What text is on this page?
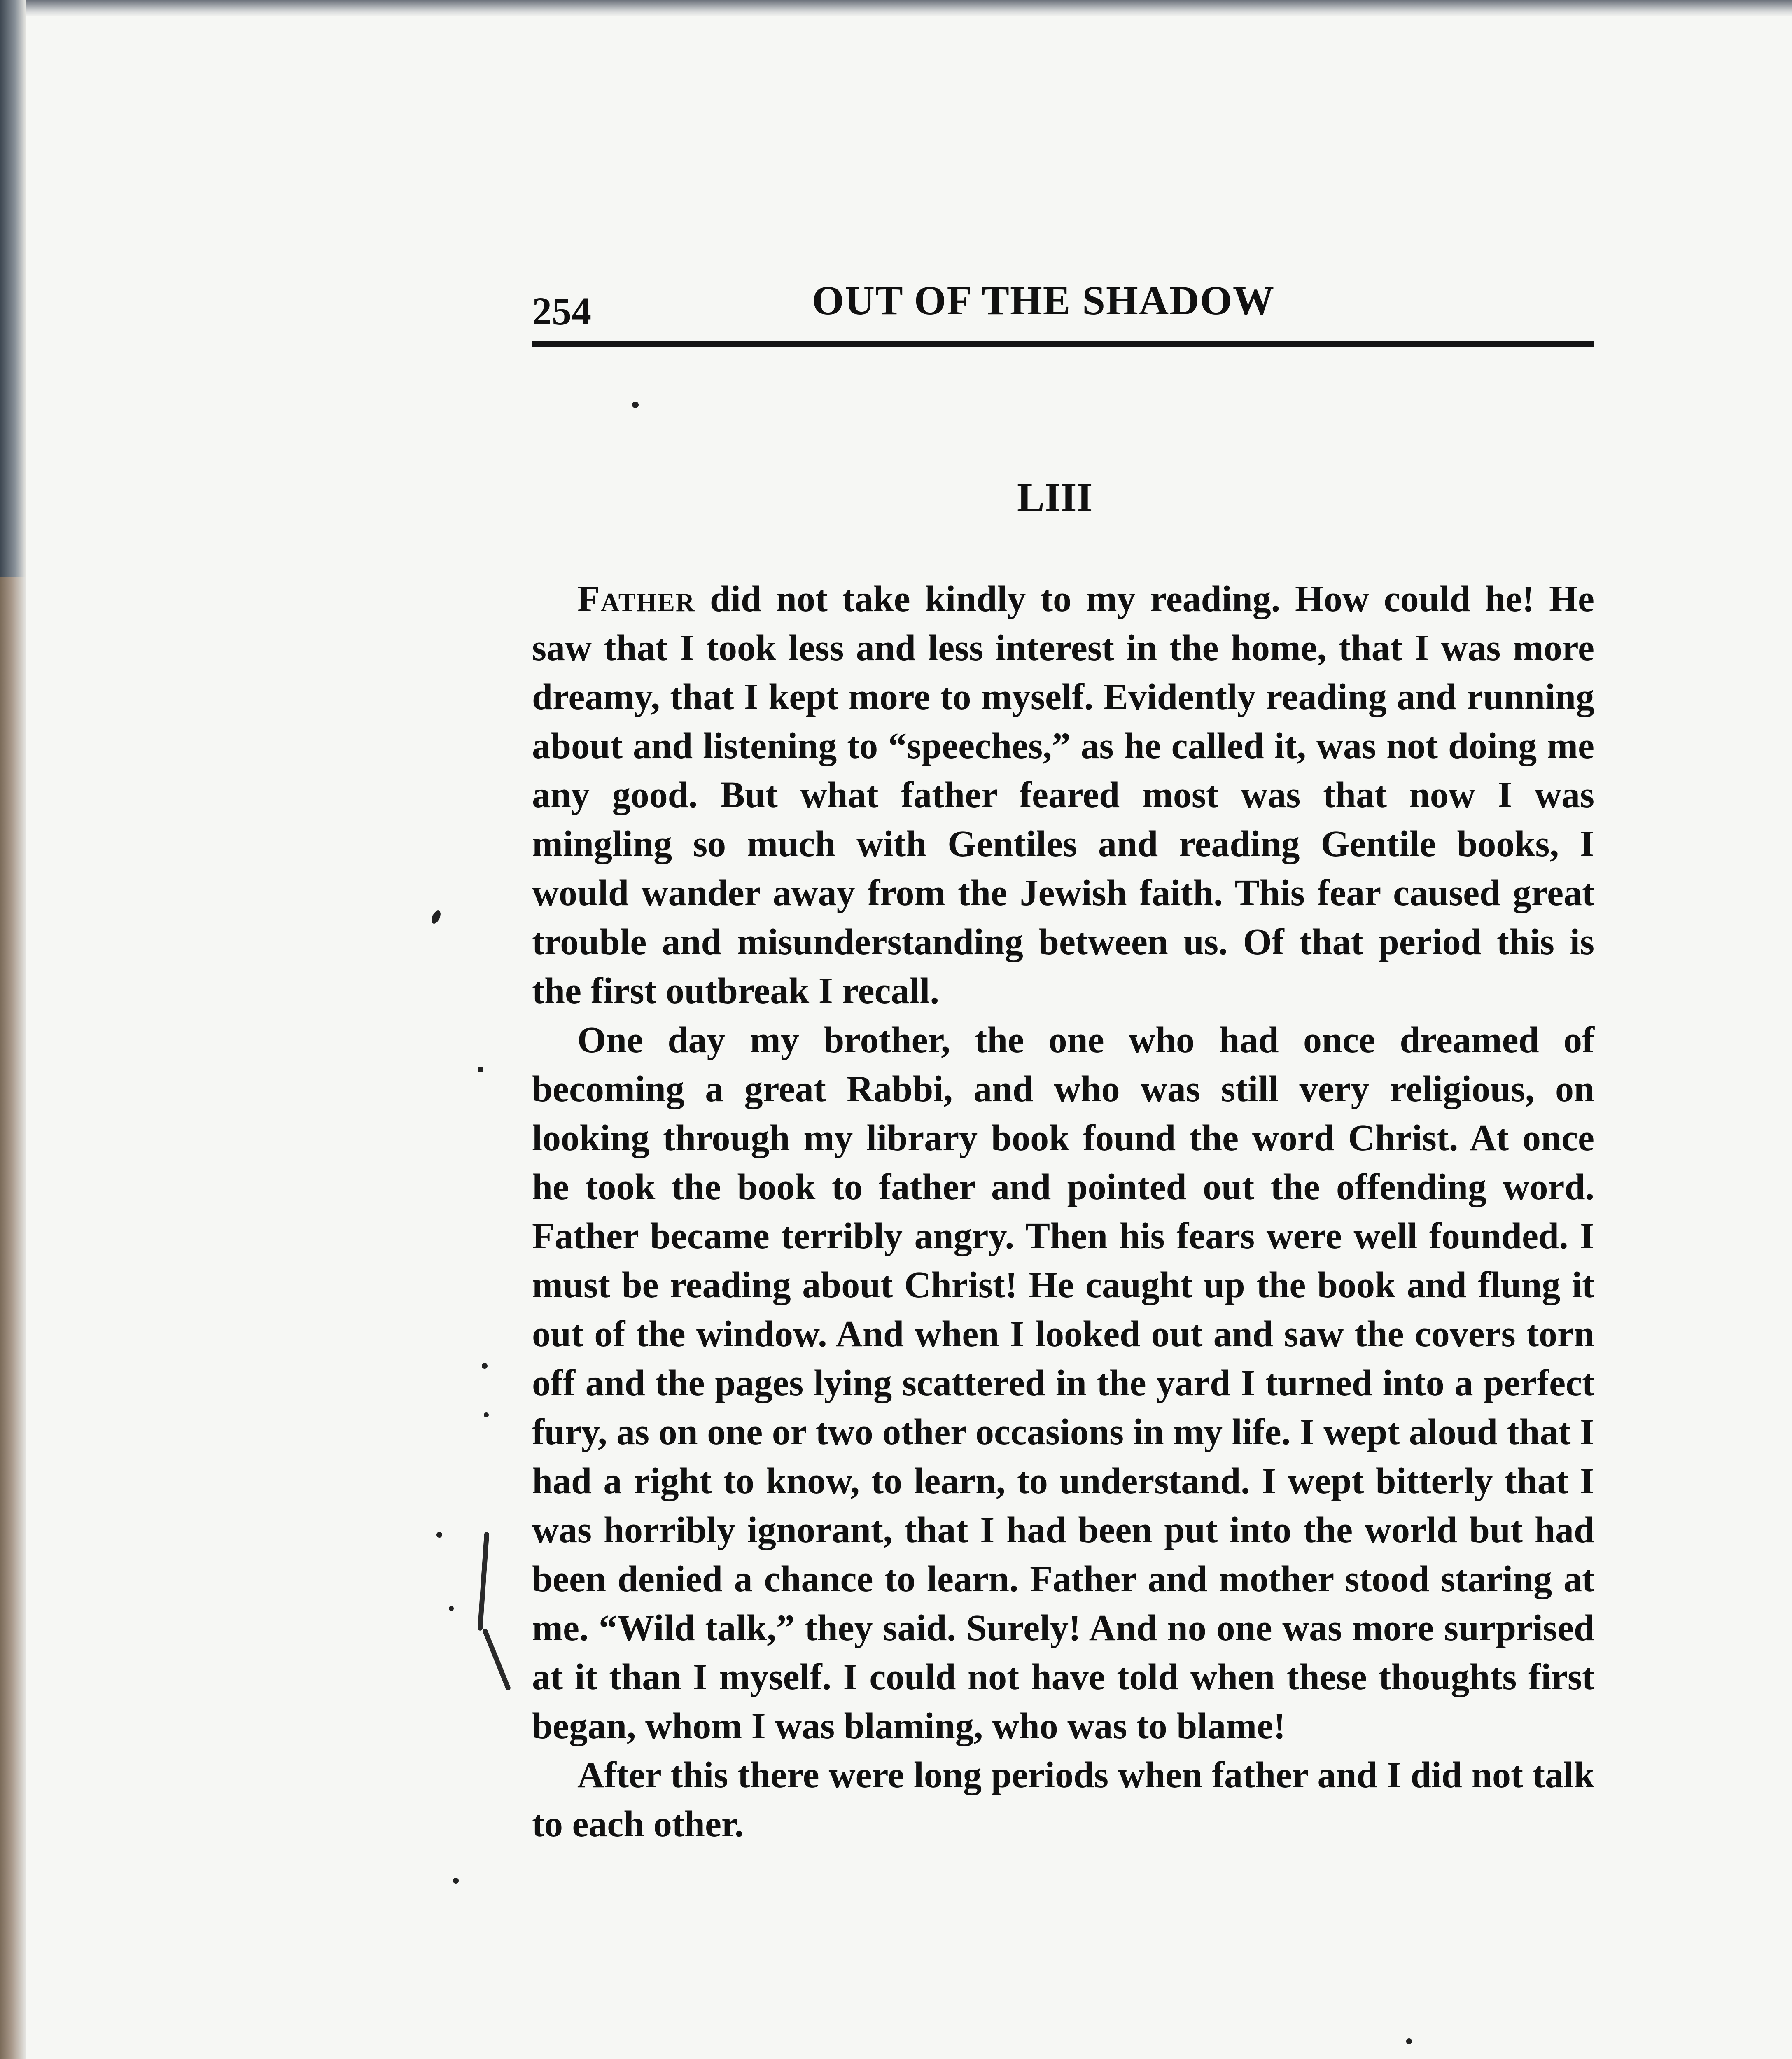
254	OUT OF THE SHADOW
LIII

Father did not take kindly to my reading. How could he! He saw that I took less and less interest in the home, that I was more dreamy, that I kept more to myself. Evidently reading and running about and listening to “speeches,” as he called it, was not doing me any good. But what father feared most was that now I was mingling so much with Gentiles and reading Gentile books, I would wander away from the Jewish faith. This fear caused great trouble and misunderstanding between us. Of that period this is the first outbreak I recall.

One day my brother, the one who had once dreamed of becoming a great Rabbi, and who was still very religious, on looking through my library book found the word Christ. At once he took the book to father and pointed out the offending word. Father became terribly angry. Then his fears were well founded. I must be reading about Christ! He caught up the book and flung it out of the window. And when I looked out and saw the covers torn off and the pages lying scattered in the yard I turned into a perfect fury, as on one or two other occasions in my life. I wept aloud that I had a right to know, to learn, to understand. I wept bitterly that I was horribly ignorant, that I had been put into the world but had been denied a chance to learn. Father and mother stood staring at me. “Wild talk,” they said. Surely! And no one was more surprised at it than I myself. I could not have told when these thoughts first began, whom I was blaming, who was to blame!

After this there were long periods when father and I did not talk to each other.
